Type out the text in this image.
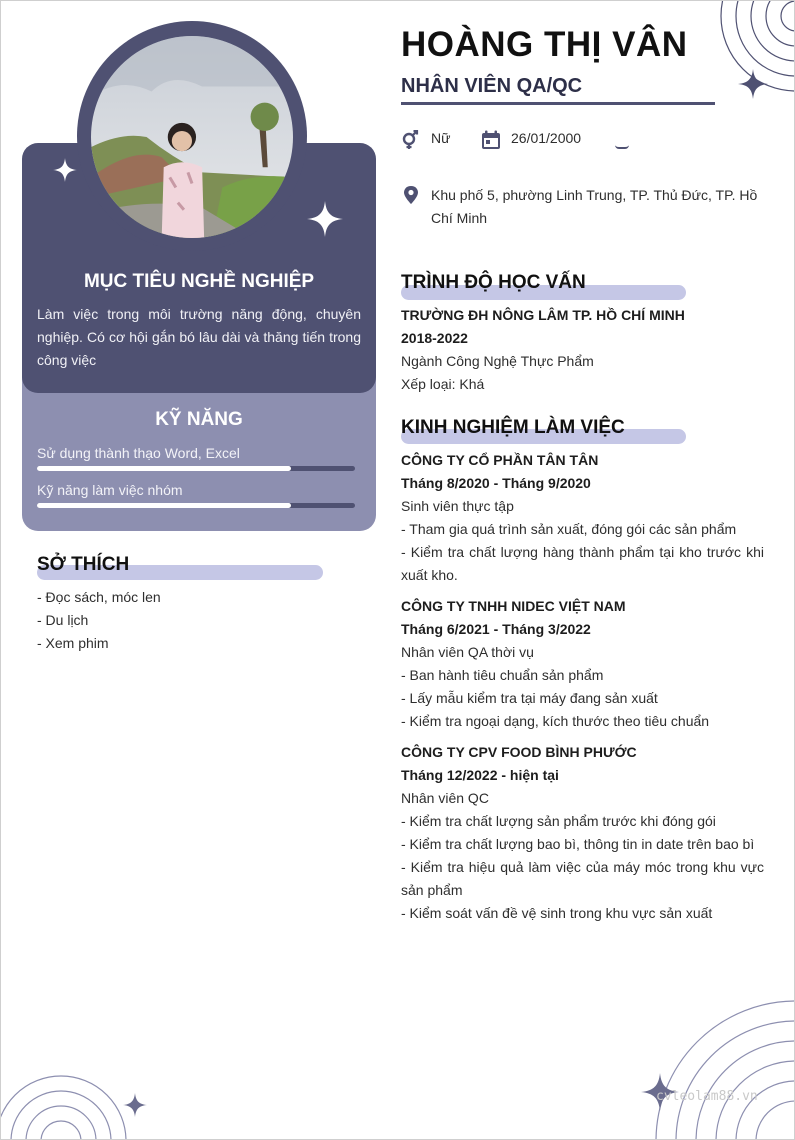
cvleolam88.vn
MỤC TIÊU NGHỀ NGHIỆP
Làm việc trong môi trường năng động, chuyên nghiệp. Có cơ hội gắn bó lâu dài và thăng tiến trong công việc
KỸ NĂNG
Sử dụng thành thạo Word, Excel
Kỹ năng làm việc nhóm
SỞ THÍCH
- Đọc sách, móc len
- Du lịch
- Xem phim
HOÀNG THỊ VÂN
NHÂN VIÊN QA/QC
Nữ	26/01/2000
Khu phố 5, phường Linh Trung, TP. Thủ Đức, TP. Hồ Chí Minh
TRÌNH ĐỘ HỌC VẤN
TRƯỜNG ĐH NÔNG LÂM TP. HỒ CHÍ MINH
2018-2022
Ngành Công Nghệ Thực Phẩm
Xếp loại: Khá
KINH NGHIỆM LÀM VIỆC
CÔNG TY CỔ PHẦN TÂN TÂN
Tháng 8/2020 - Tháng 9/2020
Sinh viên thực tập

- Tham gia quá trình sản xuất, đóng gói các sản phẩm

- Kiểm tra chất lượng hàng thành phẩm tại kho trước khi xuất kho.

CÔNG TY TNHH NIDEC VIỆT NAM
Tháng 6/2021 - Tháng 3/2022
Nhân viên QA thời vụ

- Ban hành tiêu chuẩn sản phẩm

- Lấy mẫu kiểm tra tại máy đang sản xuất

- Kiểm tra ngoại dạng, kích thước theo tiêu chuẩn

CÔNG TY CPV FOOD BÌNH PHƯỚC
Tháng 12/2022 - hiện tại
Nhân viên QC

- Kiểm tra chất lượng sản phẩm trước khi đóng gói

- Kiểm tra chất lượng bao bì, thông tin in date trên bao bì

- Kiểm tra hiệu quả làm việc của máy móc trong khu vực sản phẩm

- Kiểm soát vấn đề vệ sinh trong khu vực sản xuất
